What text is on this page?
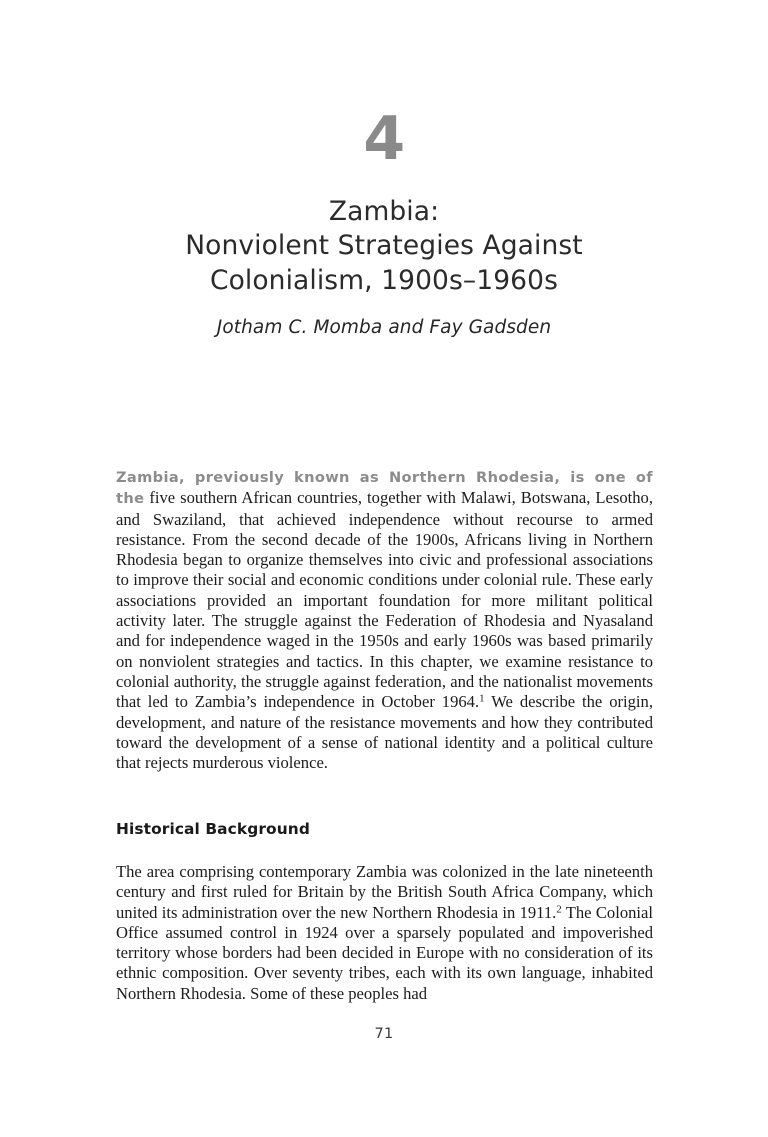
4
Zambia:
Nonviolent Strategies Against
Colonialism, 1900s–1960s
Jotham C. Momba and Fay Gadsden

Zambia, previously known as Northern Rhodesia, is one of the five southern African countries, together with Malawi, Botswana, Lesotho, and Swaziland, that achieved independence without recourse to armed resistance. From the second decade of the 1900s, Africans living in Northern Rhodesia began to organize themselves into civic and professional associations to improve their social and economic conditions under colonial rule. These early associations provided an important foundation for more militant political activity later. The struggle against the Federation of Rhodesia and Nyasaland and for independence waged in the 1950s and early 1960s was based primarily on nonviolent strategies and tactics. In this chapter, we examine resistance to colonial authority, the struggle against federation, and the nationalist movements that led to Zambia’s independence in October 1964.$^1$ We describe the origin, development, and nature of the resistance movements and how they contributed toward the development of a sense of national identity and a political culture that rejects murderous violence.

Historical Background

The area comprising contemporary Zambia was colonized in the late nineteenth century and first ruled for Britain by the British South Africa Company, which united its administration over the new Northern Rhodesia in 1911.$^2$ The Colonial Office assumed control in 1924 over a sparsely populated and impoverished territory whose borders had been decided in Europe with no consideration of its ethnic composition. Over seventy tribes, each with its own language, inhabited Northern Rhodesia. Some of these peoples had

71
